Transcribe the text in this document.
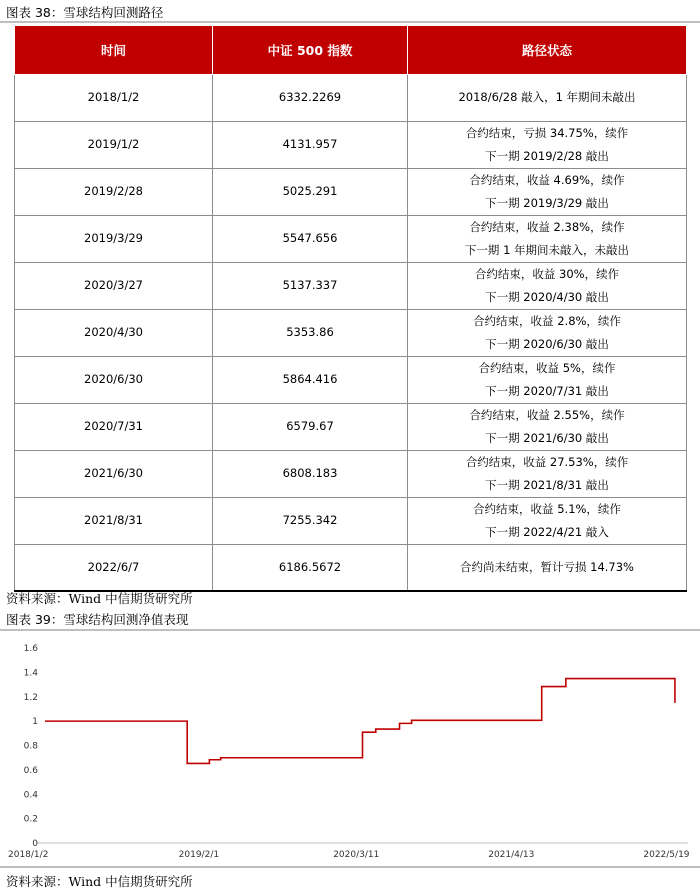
图表 38：雪球结构回测路径
时间	中证 500 指数	路径状态
2018/1/2	6332.2269	2018/6/28 敲入，1 年期间未敲出

2019/1/2	4131.957	合约结束，亏损 34.75%，续作
下一期 2019/2/28 敲出

2019/2/28	5025.291	合约结束，收益 4.69%，续作
下一期 2019/3/29 敲出

2019/3/29	5547.656	合约结束，收益 2.38%，续作
下一期 1 年期间未敲入，未敲出

2020/3/27	5137.337	合约结束，收益 30%，续作
下一期 2020/4/30 敲出

2020/4/30	5353.86	合约结束，收益 2.8%，续作
下一期 2020/6/30 敲出

2020/6/30	5864.416	合约结束，收益 5%，续作
下一期 2020/7/31 敲出

2020/7/31	6579.67	合约结束，收益 2.55%，续作
下一期 2021/6/30 敲出

2021/6/30	6808.183	合约结束，收益 27.53%，续作
下一期 2021/8/31 敲出

2021/8/31	7255.342	合约结束，收益 5.1%，续作
下一期 2022/4/21 敲入

2022/6/7	6186.5672	合约尚未结束，暂计亏损 14.73%
资料来源：Wind 中信期货研究所
图表 39：雪球结构回测净值表现
0
0.2
0.4
0.6
0.8
1
1.2
1.4
1.6
2018/1/2	2019/2/1	2020/3/11	2021/4/13	2022/5/19
资料来源：Wind 中信期货研究所
